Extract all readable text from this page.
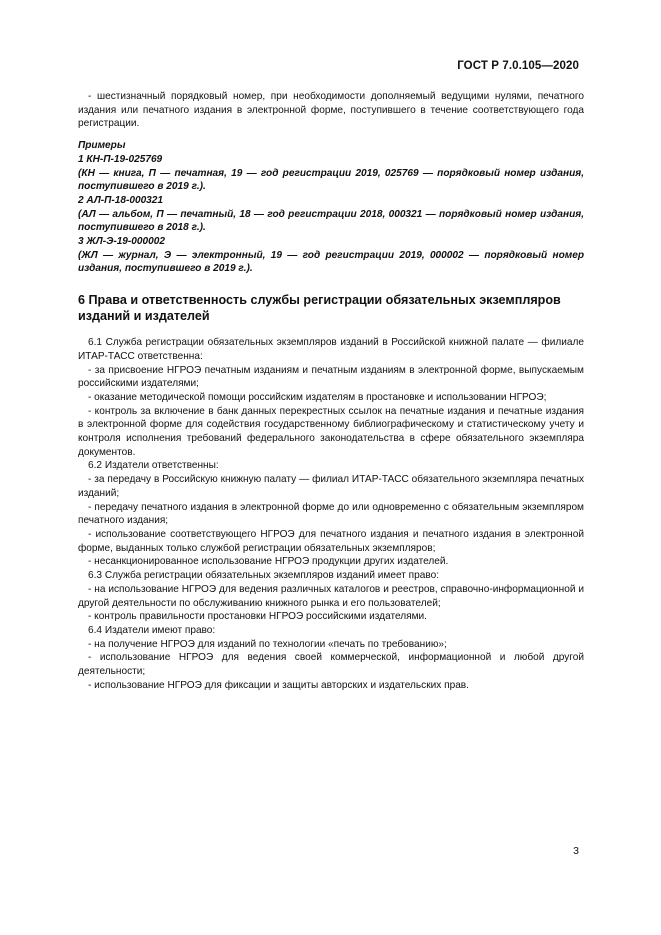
ГОСТ Р 7.0.105—2020

- шестизначный порядковый номер, при необходимости дополняемый ведущими нулями, печатного издания или печатного издания в электронной форме, поступившего в течение соответствующего года регистрации.

Примеры

1 КН-П-19-025769

(КН — книга, П — печатная, 19 — год регистрации 2019, 025769 — порядковый номер издания, поступившего в 2019 г.).

2 АЛ-П-18-000321

(АЛ — альбом, П — печатный, 18 — год регистрации 2018, 000321 — порядковый номер издания, поступившего в 2018 г.).

3 ЖЛ-Э-19-000002

(ЖЛ — журнал, Э — электронный, 19 — год регистрации 2019, 000002 — порядковый номер издания, поступившего в 2019 г.).

6 Права и ответственность службы регистрации обязательных экземпляров изданий и издателей

6.1 Служба регистрации обязательных экземпляров изданий в Российской книжной палате — филиале ИТАР-ТАСС ответственна:

- за присвоение НГРОЭ печатным изданиям и печатным изданиям в электронной форме, выпускаемым российскими издателями;

- оказание методической помощи российским издателям в простановке и использовании НГРОЭ;

- контроль за включение в банк данных перекрестных ссылок на печатные издания и печатные издания в электронной форме для содействия государственному библиографическому и статистическому учету и контроля исполнения требований федерального законодательства в сфере обязательного экземпляра документов.

6.2 Издатели ответственны:

- за передачу в Российскую книжную палату — филиал ИТАР-ТАСС обязательного экземпляра печатных изданий;

- передачу печатного издания в электронной форме до или одновременно с обязательным экземпляром печатного издания;

- использование соответствующего НГРОЭ для печатного издания и печатного издания в электронной форме, выданных только службой регистрации обязательных экземпляров;

- несанкционированное использование НГРОЭ продукции других издателей.

6.3 Служба регистрации обязательных экземпляров изданий имеет право:

- на использование НГРОЭ для ведения различных каталогов и реестров, справочно-информационной и другой деятельности по обслуживанию книжного рынка и его пользователей;

- контроль правильности простановки НГРОЭ российскими издателями.

6.4 Издатели имеют право:

- на получение НГРОЭ для изданий по технологии «печать по требованию»;

- использование НГРОЭ для ведения своей коммерческой, информационной и любой другой деятельности;

- использование НГРОЭ для фиксации и защиты авторских и издательских прав.

3
